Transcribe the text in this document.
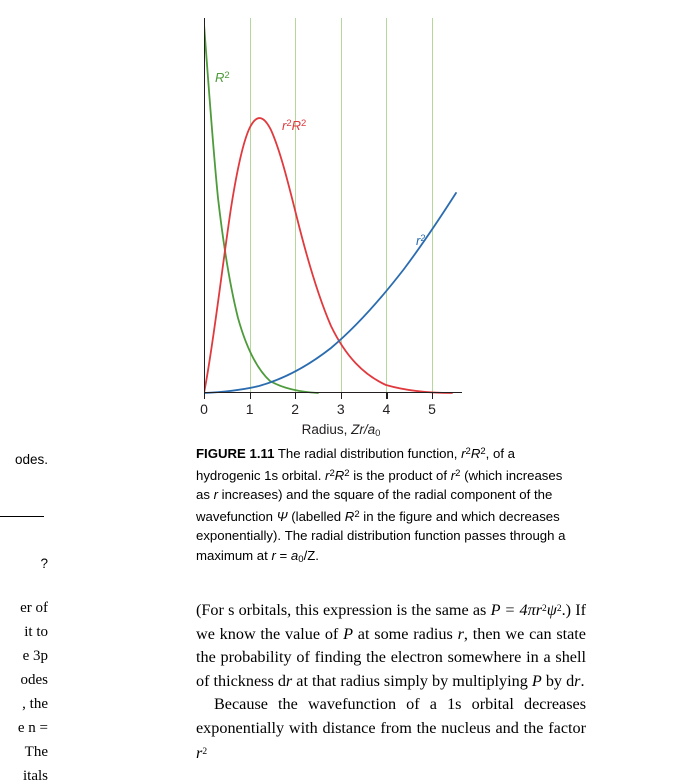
odes.
?
er of
it to
e 3p
odes
, the
e n =
The
itals
0	1	2	3	4	5
Radius, $Zr/a_0$
$R^2$
$r^2R^2$
$r^2$
FIGURE 1.11 The radial distribution function, $r^2R^2$, of a hydrogenic 1s orbital. $r^2R^2$ is the product of $r^2$ (which increases as r increases) and the square of the radial component of the wavefunction Ψ (labelled $R^2$ in the figure and which decreases exponentially). The radial distribution function passes through a maximum at $r = a_0/Z$.

(For s orbitals, this expression is the same as $P = 4\pi r^2\psi^2$.) If we know the value of P at some radius r, then we can state the probability of finding the electron somewhere in a shell of thickness dr at that radius simply by multiplying P by dr.

Because the wavefunction of a 1s orbital decreases exponentially with distance from the nucleus and the factor $r^2$
